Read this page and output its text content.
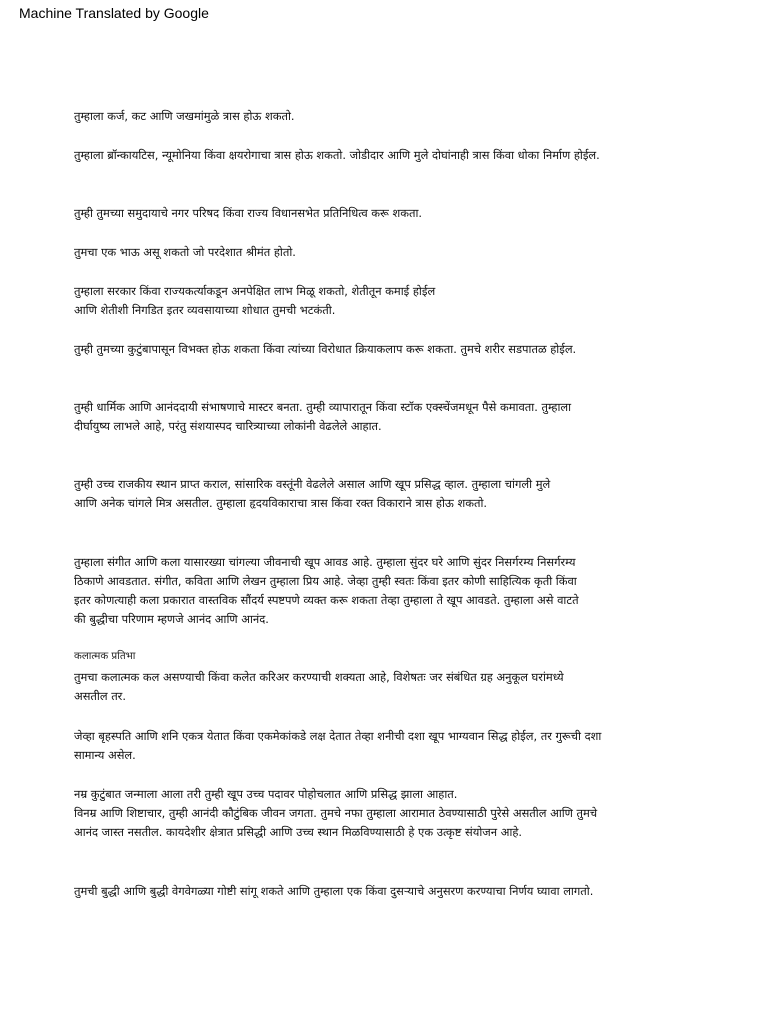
Machine Translated by Google

तुम्हाला कर्ज, कट आणि जखमांमुळे त्रास होऊ शकतो.

तुम्हाला ब्रॉन्कायटिस, न्यूमोनिया किंवा क्षयरोगाचा त्रास होऊ शकतो. जोडीदार आणि मुले दोघांनाही त्रास किंवा धोका निर्माण होईल.

तुम्ही तुमच्या समुदायाचे नगर परिषद किंवा राज्य विधानसभेत प्रतिनिधित्व करू शकता.

तुमचा एक भाऊ असू शकतो जो परदेशात श्रीमंत होतो.

तुम्हाला सरकार किंवा राज्यकर्त्याकडून अनपेक्षित लाभ मिळू शकतो, शेतीतून कमाई होईल
आणि शेतीशी निगडित इतर व्यवसायाच्या शोधात तुमची भटकंती.

तुम्ही तुमच्या कुटुंबापासून विभक्त होऊ शकता किंवा त्यांच्या विरोधात क्रियाकलाप करू शकता. तुमचे शरीर सडपातळ होईल.

तुम्ही धार्मिक आणि आनंददायी संभाषणाचे मास्टर बनता. तुम्ही व्यापारातून किंवा स्टॉक एक्स्चेंजमधून पैसे कमावता. तुम्हाला
दीर्घायुष्य लाभले आहे, परंतु संशयास्पद चारित्र्याच्या लोकांनी वेढलेले आहात.

तुम्ही उच्च राजकीय स्थान प्राप्त कराल, सांसारिक वस्तूंनी वेढलेले असाल आणि खूप प्रसिद्ध व्हाल. तुम्हाला चांगली मुले
आणि अनेक चांगले मित्र असतील. तुम्हाला हृदयविकाराचा त्रास किंवा रक्त विकाराने त्रास होऊ शकतो.

तुम्हाला संगीत आणि कला यासारख्या चांगल्या जीवनाची खूप आवड आहे. तुम्हाला सुंदर घरे आणि सुंदर निसर्गरम्य निसर्गरम्य
ठिकाणे आवडतात. संगीत, कविता आणि लेखन तुम्हाला प्रिय आहे. जेव्हा तुम्ही स्वतः किंवा इतर कोणी साहित्यिक कृती किंवा
इतर कोणत्याही कला प्रकारात वास्तविक सौंदर्य स्पष्टपणे व्यक्त करू शकता तेव्हा तुम्हाला ते खूप आवडते. तुम्हाला असे वाटते
की बुद्धीचा परिणाम म्हणजे आनंद आणि आनंद.

कलात्मक प्रतिभा

तुमचा कलात्मक कल असण्याची किंवा कलेत करिअर करण्याची शक्यता आहे, विशेषतः जर संबंधित ग्रह अनुकूल घरांमध्ये
असतील तर.

जेव्हा बृहस्पति आणि शनि एकत्र येतात किंवा एकमेकांकडे लक्ष देतात तेव्हा शनीची दशा खूप भाग्यवान सिद्ध होईल, तर गुरूची दशा
सामान्य असेल.

नम्र कुटुंबात जन्माला आला तरी तुम्ही खूप उच्च पदावर पोहोचलात आणि प्रसिद्ध झाला आहात.
विनम्र आणि शिष्टाचार, तुम्ही आनंदी कौटुंबिक जीवन जगता. तुमचे नफा तुम्हाला आरामात ठेवण्यासाठी पुरेसे असतील आणि तुमचे
आनंद जास्त नसतील. कायदेशीर क्षेत्रात प्रसिद्धी आणि उच्च स्थान मिळविण्यासाठी हे एक उत्कृष्ट संयोजन आहे.

तुमची बुद्धी आणि बुद्धी वेगवेगळ्या गोष्टी सांगू शकते आणि तुम्हाला एक किंवा दुसऱ्याचे अनुसरण करण्याचा निर्णय घ्यावा लागतो.
